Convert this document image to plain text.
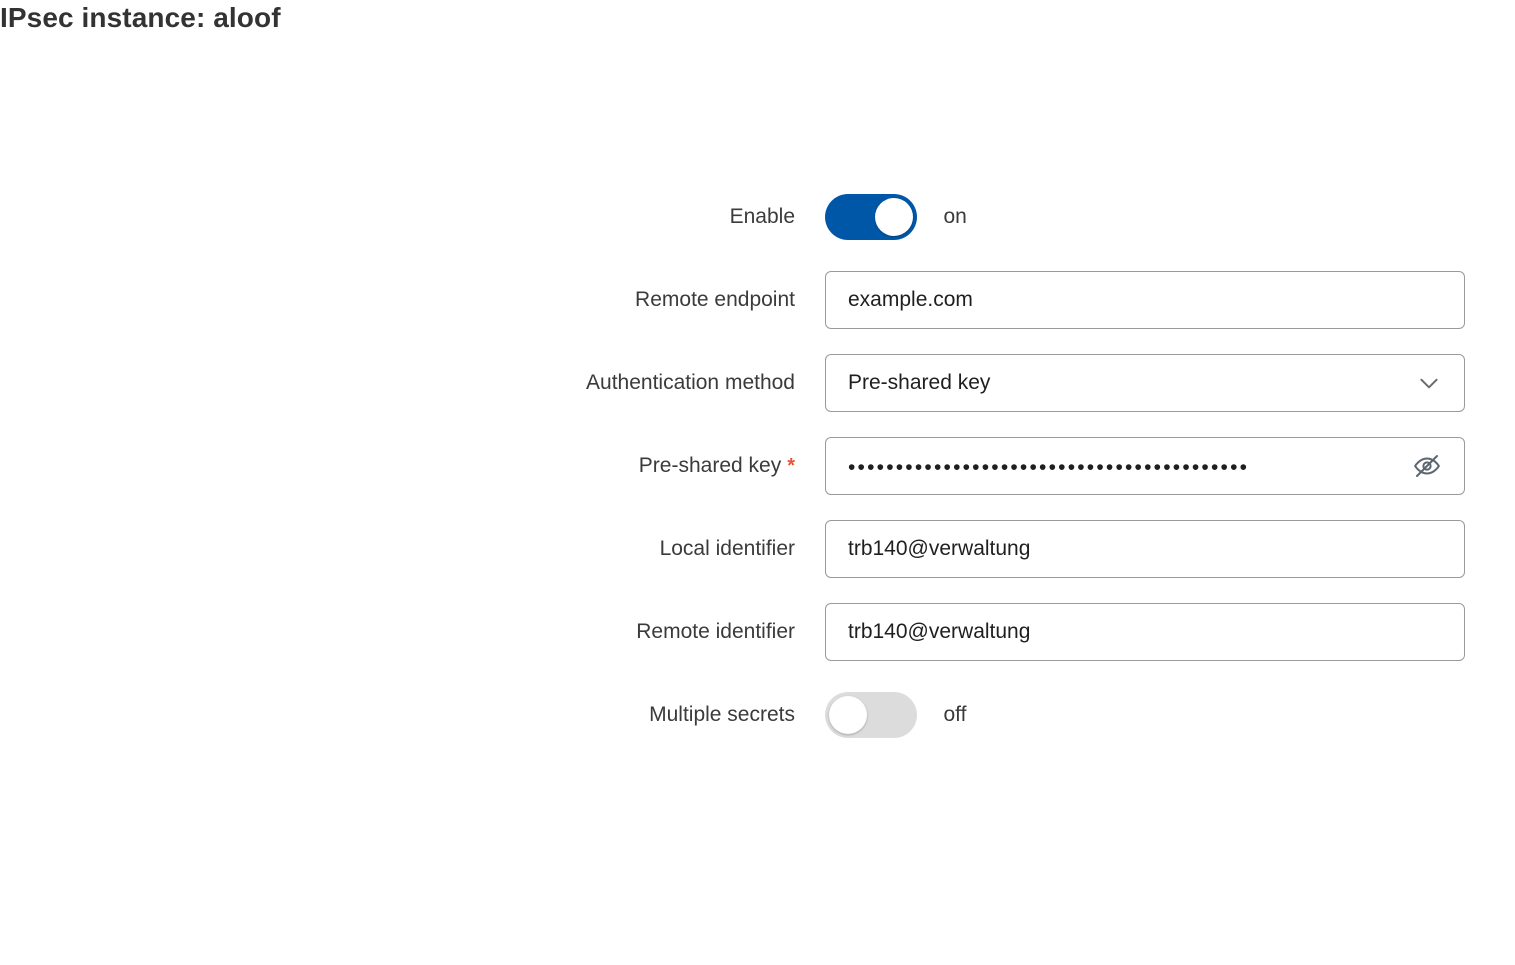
IPsec instance: aloof
Enable	on
Remote endpoint	example.com
Authentication method	Pre-shared key
Pre-shared key *	••••••••••••••••••••••••••••••••••••••••••
Local identifier	trb140@verwaltung
Remote identifier	trb140@verwaltung
Multiple secrets	off
